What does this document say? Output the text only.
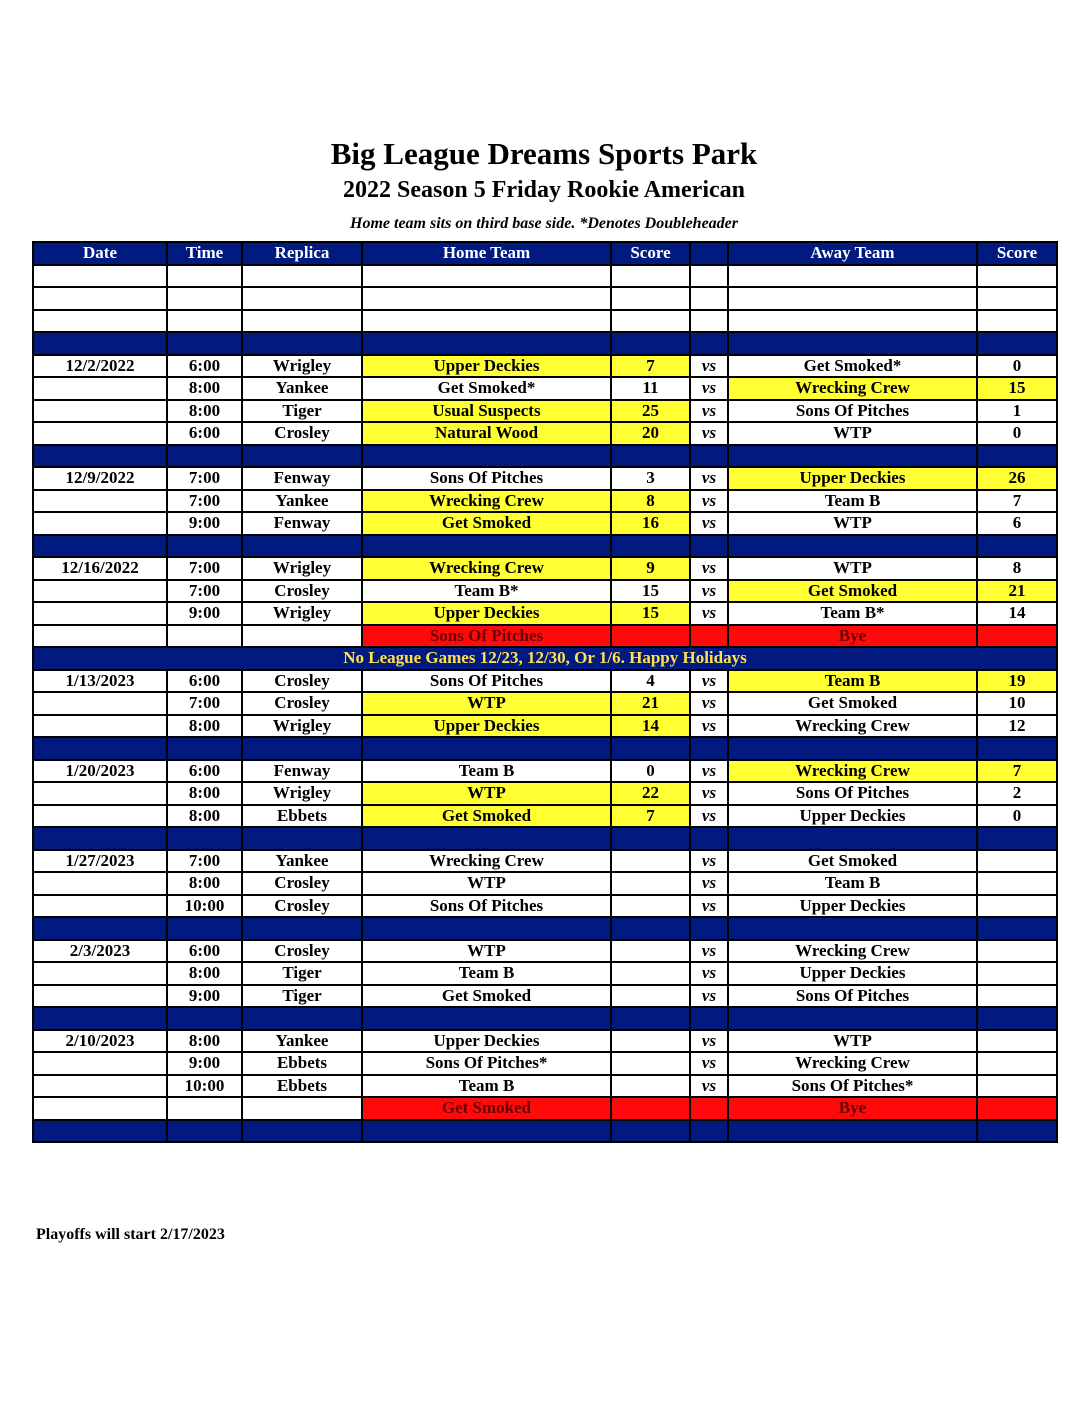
Big League Dreams Sports Park
2022 Season 5 Friday Rookie American
Home team sits on third base side. *Denotes Doubleheader
Date	Time	Replica	Home Team	Score		Away Team	Score

12/2/2022	6:00	Wrigley	Upper Deckies	7	vs	Get Smoked*	0
	8:00	Yankee	Get Smoked*	11	vs	Wrecking Crew	15
	8:00	Tiger	Usual Suspects	25	vs	Sons Of Pitches	1
	6:00	Crosley	Natural Wood	20	vs	WTP	0

12/9/2022	7:00	Fenway	Sons Of Pitches	3	vs	Upper Deckies	26
	7:00	Yankee	Wrecking Crew	8	vs	Team B	7
	9:00	Fenway	Get Smoked	16	vs	WTP	6

12/16/2022	7:00	Wrigley	Wrecking Crew	9	vs	WTP	8
	7:00	Crosley	Team B*	15	vs	Get Smoked	21
	9:00	Wrigley	Upper Deckies	15	vs	Team B*	14
			Sons Of Pitches			Bye	
No League Games 12/23, 12/30, Or 1/6. Happy Holidays							
1/13/2023	6:00	Crosley	Sons Of Pitches	4	vs	Team B	19
	7:00	Crosley	WTP	21	vs	Get Smoked	10
	8:00	Wrigley	Upper Deckies	14	vs	Wrecking Crew	12

1/20/2023	6:00	Fenway	Team B	0	vs	Wrecking Crew	7
	8:00	Wrigley	WTP	22	vs	Sons Of Pitches	2
	8:00	Ebbets	Get Smoked	7	vs	Upper Deckies	0

1/27/2023	7:00	Yankee	Wrecking Crew		vs	Get Smoked	
	8:00	Crosley	WTP		vs	Team B	
	10:00	Crosley	Sons Of Pitches		vs	Upper Deckies	

2/3/2023	6:00	Crosley	WTP		vs	Wrecking Crew	
	8:00	Tiger	Team B		vs	Upper Deckies	
	9:00	Tiger	Get Smoked		vs	Sons Of Pitches	

2/10/2023	8:00	Yankee	Upper Deckies		vs	WTP	
	9:00	Ebbets	Sons Of Pitches*		vs	Wrecking Crew	
	10:00	Ebbets	Team B		vs	Sons Of Pitches*	
			Get Smoked			Bye	

Playoffs will start 2/17/2023
